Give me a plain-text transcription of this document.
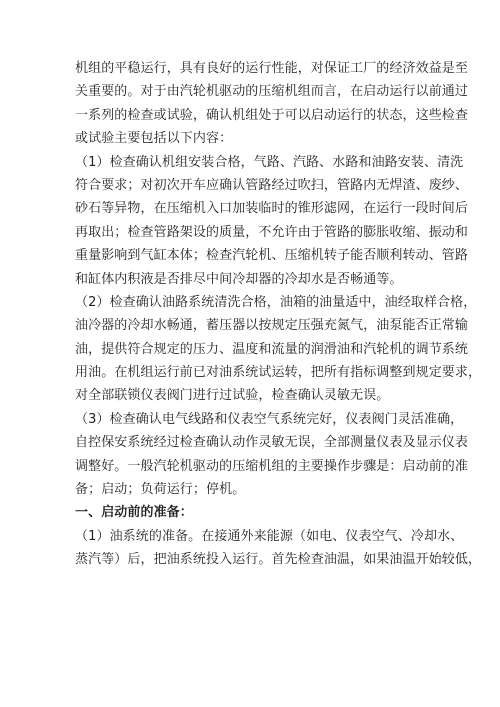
机组的平稳运行，具有良好的运行性能，对保证工厂的经济效益是至
关重要的。对于由汽轮机驱动的压缩机组而言，在启动运行以前通过
一系列的检查或试验，确认机组处于可以启动运行的状态，这些检查
或试验主要包括以下内容：
（1）检查确认机组安装合格，气路、汽路、水路和油路安装、清洗
符合要求；对初次开车应确认管路经过吹扫，管路内无焊渣、废纱、
砂石等异物，在压缩机入口加装临时的锥形滤网，在运行一段时间后
再取出；检查管路架设的质量，不允许由于管路的膨胀收缩、振动和
重量影响到气缸本体；检查汽轮机、压缩机转子能否顺利转动、管路
和缸体内积液是否排尽中间冷却器的冷却水是否畅通等。
（2）检查确认油路系统清洗合格，油箱的油量适中，油经取样合格，
油冷器的冷却水畅通，蓄压器以按规定压强充氮气，油泵能否正常输
油，提供符合规定的压力、温度和流量的润滑油和汽轮机的调节系统
用油。在机组运行前已对油系统试运转，把所有指标调整到规定要求，
对全部联锁仪表阀门进行过试验，检查确认灵敏无误。
（3）检查确认电气线路和仪表空气系统完好，仪表阀门灵活准确，
自控保安系统经过检查确认动作灵敏无误，全部测量仪表及显示仪表
调整好。一般汽轮机驱动的压缩机组的主要操作步骤是：启动前的准
备；启动；负荷运行；停机。
一、启动前的准备：
（1）油系统的准备。在接通外来能源（如电、仪表空气、冷却水、
蒸汽等）后，把油系统投入运行。首先检查油温，如果油温开始较低，
